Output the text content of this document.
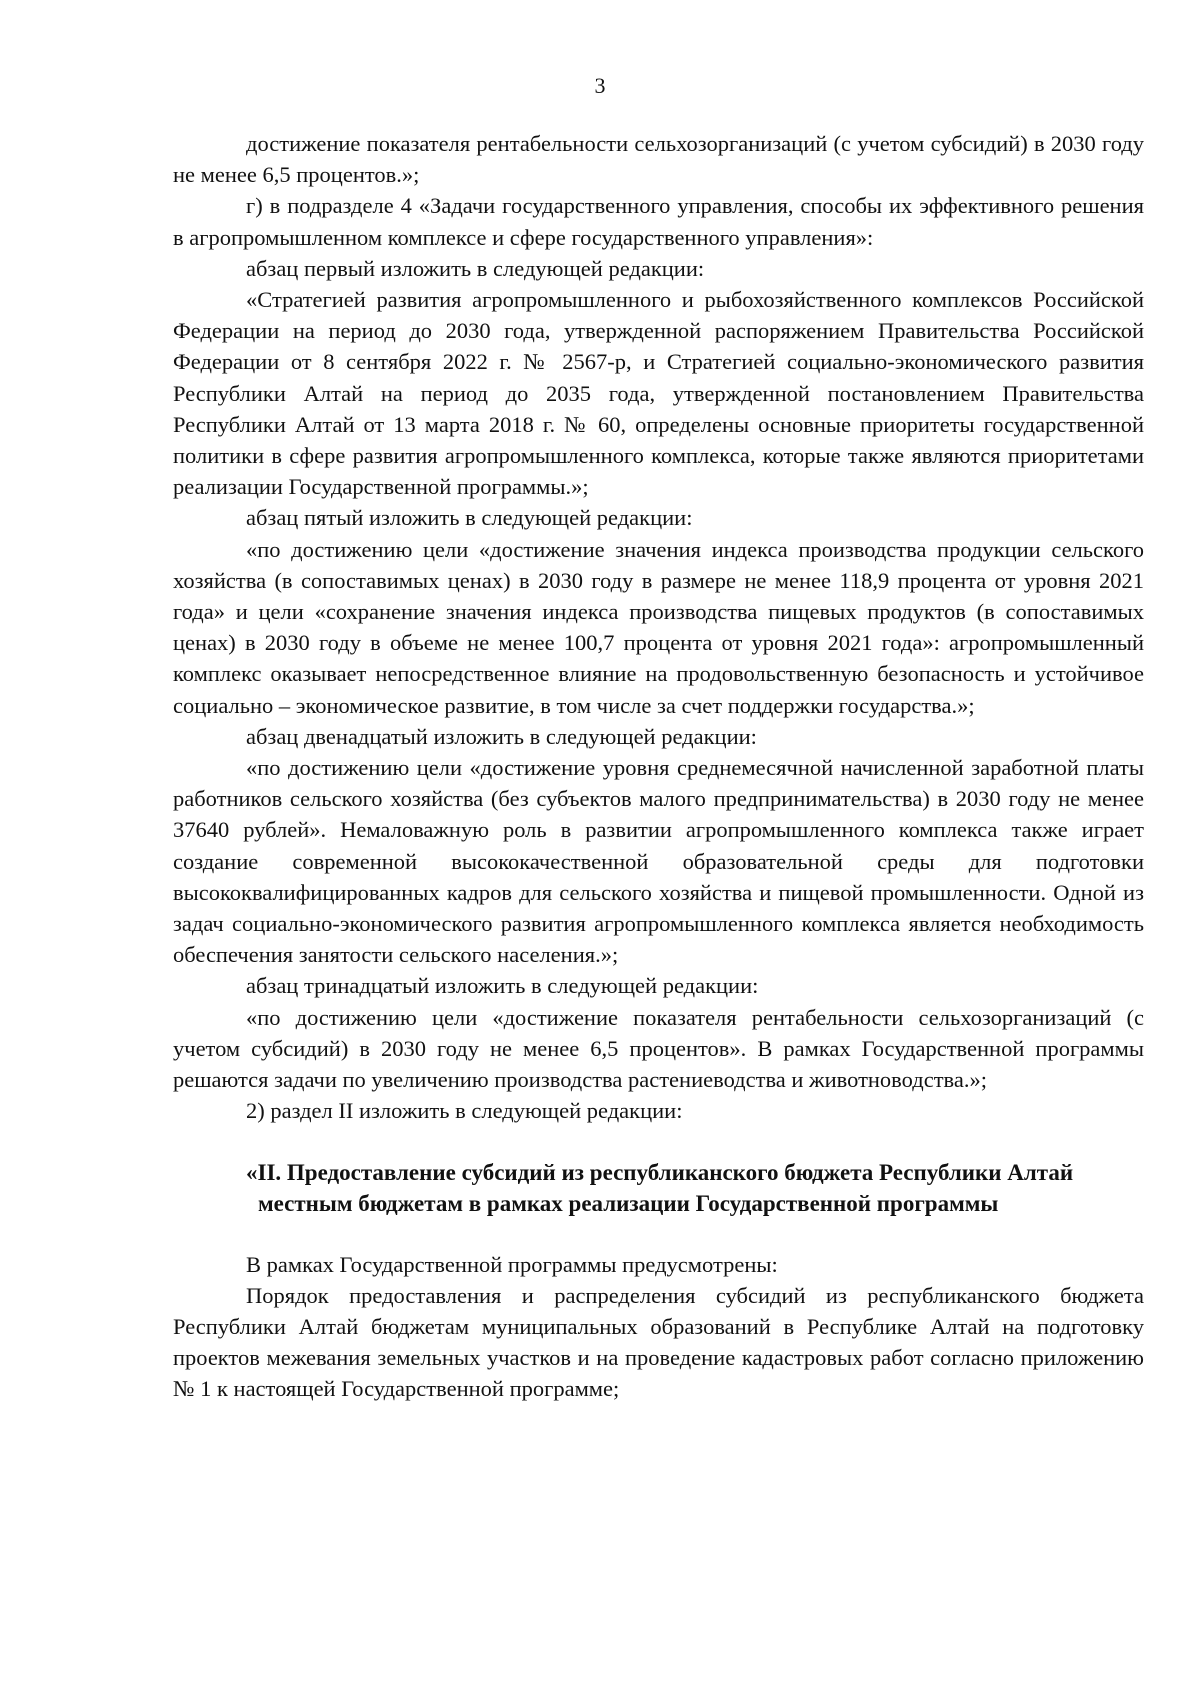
3

достижение показателя рентабельности сельхозорганизаций (с учетом субсидий) в 2030 году не менее 6,5 процентов.»;

г) в подразделе 4 «Задачи государственного управления, способы их эффективного решения в агропромышленном комплексе и сфере государственного управления»:

абзац первый изложить в следующей редакции:

«Стратегией развития агропромышленного и рыбохозяйственного комплексов Российской Федерации на период до 2030 года, утвержденной распоряжением Правительства Российской Федерации от 8 сентября 2022 г. № 2567-р, и Стратегией социально-экономического развития Республики Алтай на период до 2035 года, утвержденной постановлением Правительства Республики Алтай от 13 марта 2018 г. № 60, определены основные приоритеты государственной политики в сфере развития агропромышленного комплекса, которые также являются приоритетами реализации Государственной программы.»;

абзац пятый изложить в следующей редакции:

«по достижению цели «достижение значения индекса производства продукции сельского хозяйства (в сопоставимых ценах) в 2030 году в размере не менее 118,9 процента от уровня 2021 года» и цели «сохранение значения индекса производства пищевых продуктов (в сопоставимых ценах) в 2030 году в объеме не менее 100,7 процента от уровня 2021 года»: агропромышленный комплекс оказывает непосредственное влияние на продовольственную безопасность и устойчивое социально – экономическое развитие, в том числе за счет поддержки государства.»;

абзац двенадцатый изложить в следующей редакции:

«по достижению цели «достижение уровня среднемесячной начисленной заработной платы работников сельского хозяйства (без субъектов малого предпринимательства) в 2030 году не менее 37640 рублей». Немаловажную роль в развитии агропромышленного комплекса также играет создание современной высококачественной образовательной среды для подготовки высококвалифицированных кадров для сельского хозяйства и пищевой промышленности. Одной из задач социально-экономического развития агропромышленного комплекса является необходимость обеспечения занятости сельского населения.»;

абзац тринадцатый изложить в следующей редакции:

«по достижению цели «достижение показателя рентабельности сельхозорганизаций (с учетом субсидий) в 2030 году не менее 6,5 процентов». В рамках Государственной программы решаются задачи по увеличению производства растениеводства и животноводства.»;

2) раздел II изложить в следующей редакции:

«II. Предоставление субсидий из республиканского бюджета Республики Алтай
местным бюджетам в рамках реализации Государственной программы

В рамках Государственной программы предусмотрены:

Порядок предоставления и распределения субсидий из республиканского бюджета Республики Алтай бюджетам муниципальных образований в Республике Алтай на подготовку проектов межевания земельных участков и на проведение кадастровых работ согласно приложению № 1 к настоящей Государственной программе;
